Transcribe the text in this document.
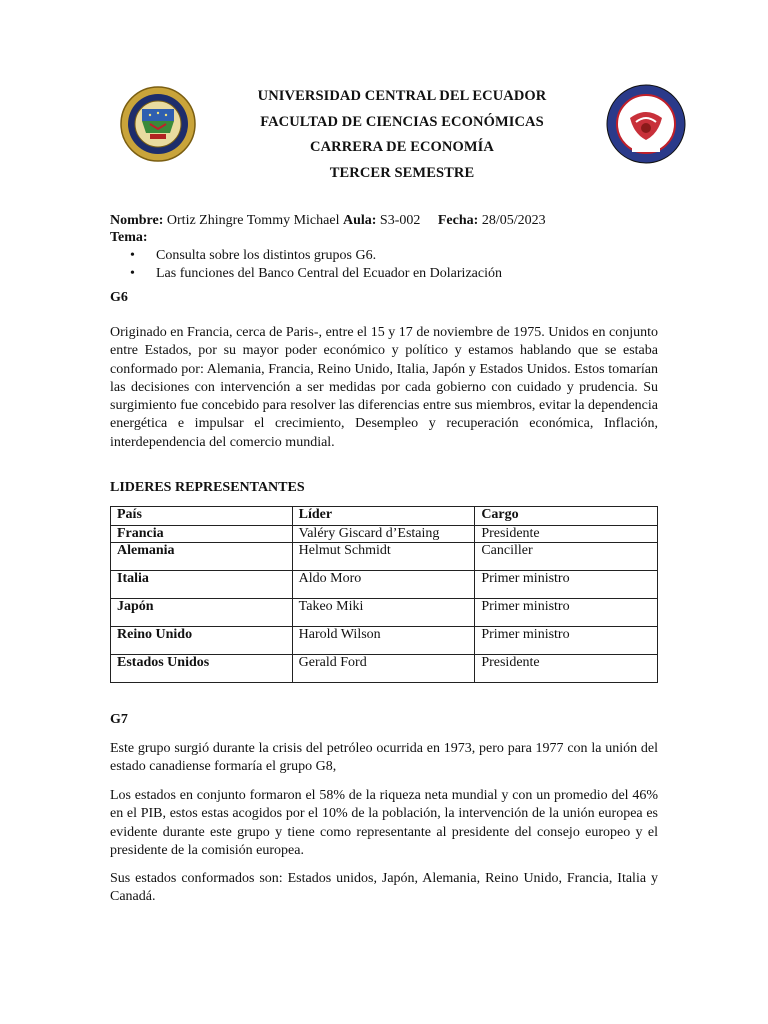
UNIVERSIDAD CENTRAL DEL ECUADOR
FACULTAD DE CIENCIAS ECONÓMICAS
CARRERA DE ECONOMÍA
TERCER SEMESTRE
Nombre: Ortiz Zhingre Tommy Michael Aula: S3-002 Fecha: 28/05/2023
Tema:
• Consulta sobre los distintos grupos G6.
• Las funciones del Banco Central del Ecuador en Dolarización
G6
Originado en Francia, cerca de Paris-, entre el 15 y 17 de noviembre de 1975. Unidos en conjunto entre Estados, por su mayor poder económico y político y estamos hablando que se estaba conformado por: Alemania, Francia, Reino Unido, Italia, Japón y Estados Unidos. Estos tomarían las decisiones con intervención a ser medidas por cada gobierno con cuidado y prudencia. Su surgimiento fue concebido para resolver las diferencias entre sus miembros, evitar la dependencia energética e impulsar el crecimiento, Desempleo y recuperación económica, Inflación, interdependencia del comercio mundial.
LIDERES REPRESENTANTES
País	Líder	Cargo
Francia	Valéry Giscard d’Estaing	Presidente
Alemania	Helmut Schmidt	Canciller
Italia	Aldo Moro	Primer ministro
Japón	Takeo Miki	Primer ministro
Reino Unido	Harold Wilson	Primer ministro
Estados Unidos	Gerald Ford	Presidente
G7
Este grupo surgió durante la crisis del petróleo ocurrida en 1973, pero para 1977 con la unión del estado canadiense formaría el grupo G8,
Los estados en conjunto formaron el 58% de la riqueza neta mundial y con un promedio del 46% en el PIB, estos estas acogidos por el 10% de la población, la intervención de la unión europea es evidente durante este grupo y tiene como representante al presidente del consejo europeo y el presidente de la comisión europea.
Sus estados conformados son: Estados unidos, Japón, Alemania, Reino Unido, Francia, Italia y Canadá.
